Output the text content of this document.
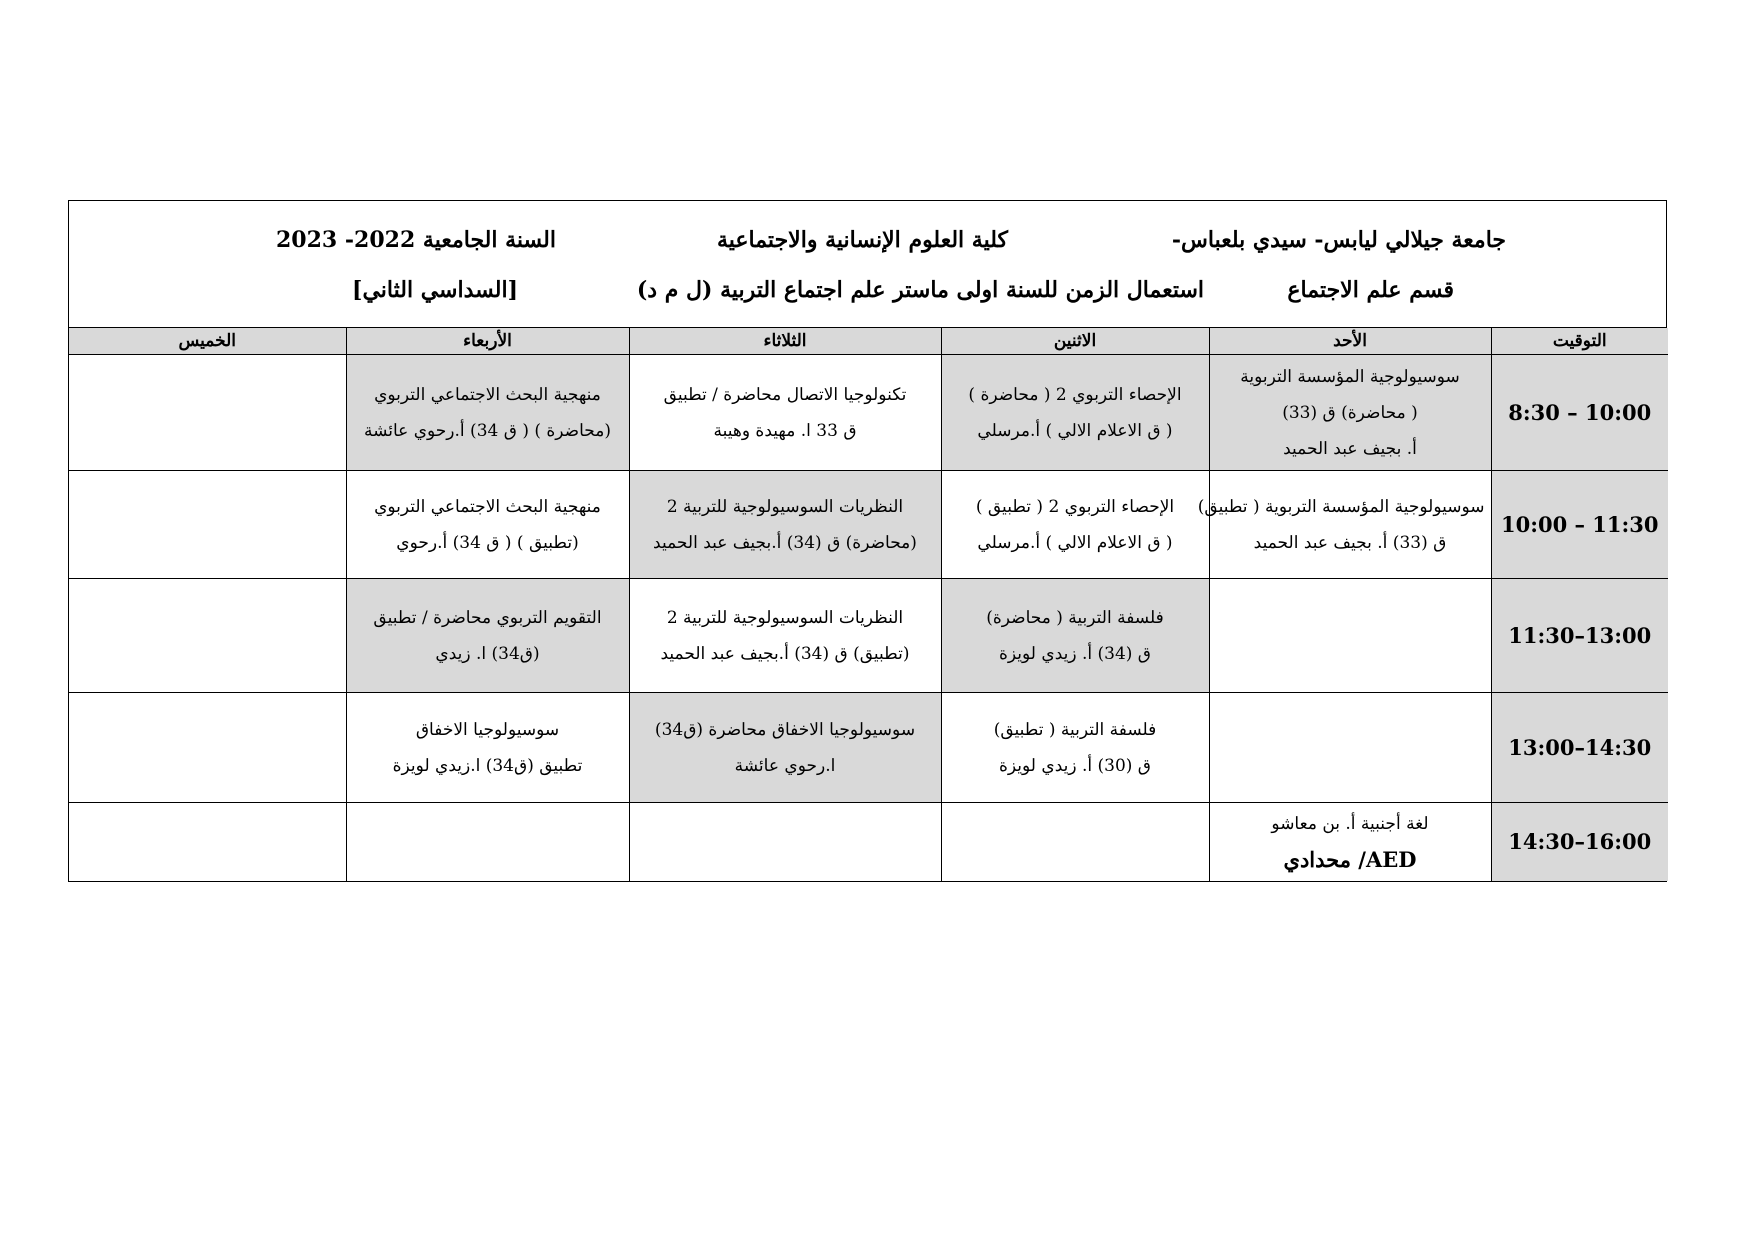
جامعة جيلالي ليابس- سيدي بلعباس-
كلية العلوم الإنسانية والاجتماعية
السنة الجامعية 2022- 2023
قسم علم الاجتماع
استعمال الزمن للسنة اولى ماستر علم اجتماع التربية (ل م د)
[السداسي الثاني]
التوقيت	الأحد	الاثنين	الثلاثاء	الأربعاء	الخميس
8:30 – 10:00	سوسيولوجية المؤسسة التربوية
( محاضرة) ق (33)
أ. بجيف عبد الحميد	الإحصاء التربوي 2 ( محاضرة )
( ق الاعلام الالي ) أ.مرسلي	تكنولوجيا الاتصال محاضرة / تطبيق
ق 33 ا. مهيدة وهيبة	منهجية البحث الاجتماعي التربوي
(محاضرة ) ( ق 34) أ.رحوي عائشة	

10:00 – 11:30	سوسيولوجية المؤسسة التربوية ( تطبيق)
ق (33) أ. بجيف عبد الحميد	الإحصاء التربوي 2 ( تطبيق )
( ق الاعلام الالي ) أ.مرسلي	النظريات السوسيولوجية للتربية 2
(محاضرة) ق (34) أ.بجيف عبد الحميد	منهجية البحث الاجتماعي التربوي
(تطبيق ) ( ق 34) أ.رحوي	

11:30–13:00		فلسفة التربية ( محاضرة)
ق (34) أ. زيدي لويزة	النظريات السوسيولوجية للتربية 2
(تطبيق) ق (34) أ.بجيف عبد الحميد	التقويم التربوي محاضرة / تطبيق
(ق34) ا. زيدي	

13:00–14:30		فلسفة التربية ( تطبيق)
ق (30) أ. زيدي لويزة	سوسيولوجيا الاخفاق محاضرة (ق34)
ا.رحوي عائشة	سوسيولوجيا الاخفاق
تطبيق (ق34) ا.زيدي لويزة	

14:30–16:00	لغة أجنبية أ. بن معاشو
AED/ محدادي				
